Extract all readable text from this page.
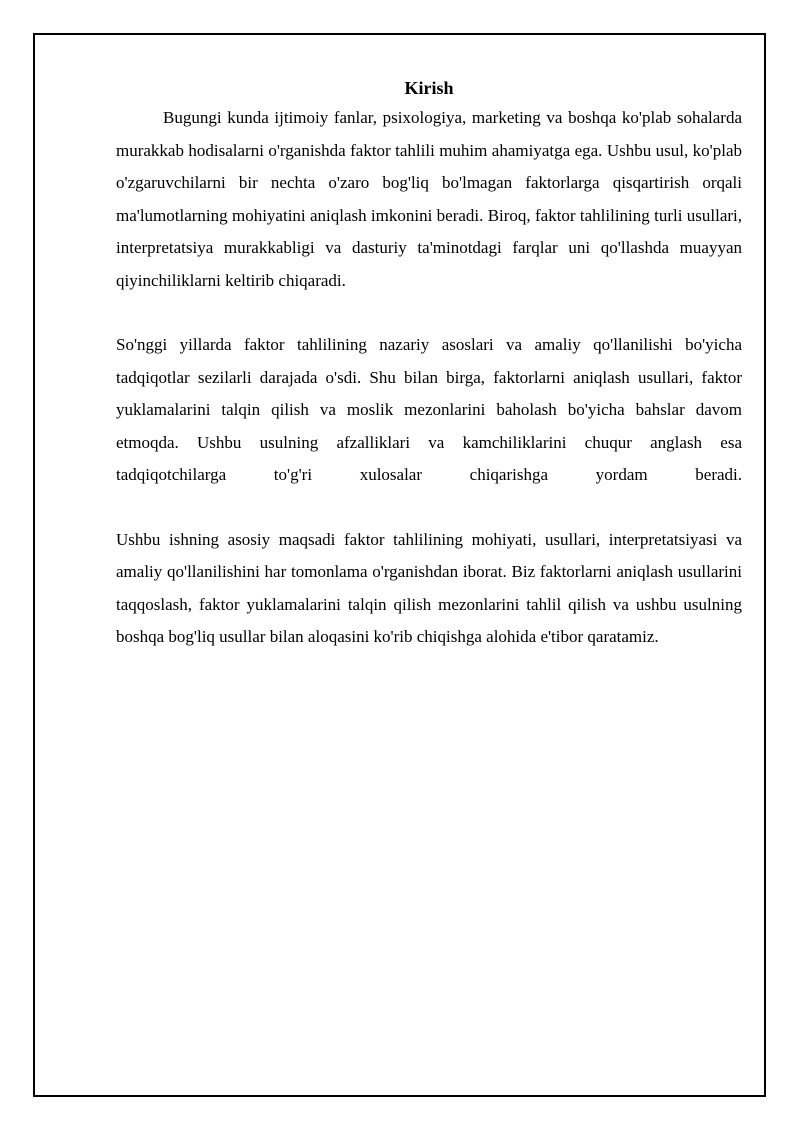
Kirish

Bugungi kunda ijtimoiy fanlar, psixologiya, marketing va boshqa ko'plab sohalarda murakkab hodisalarni o'rganishda faktor tahlili muhim ahamiyatga ega. Ushbu usul, ko'plab o'zgaruvchilarni bir nechta o'zaro bog'liq bo'lmagan faktorlarga qisqartirish orqali ma'lumotlarning mohiyatini aniqlash imkonini beradi. Biroq, faktor tahlilining turli usullari, interpretatsiya murakkabligi va dasturiy ta'minotdagi farqlar uni qo'llashda muayyan qiyinchiliklarni keltirib chiqaradi.

So'nggi yillarda faktor tahlilining nazariy asoslari va amaliy qo'llanilishi bo'yicha tadqiqotlar sezilarli darajada o'sdi. Shu bilan birga, faktorlarni aniqlash usullari, faktor yuklamalarini talqin qilish va moslik mezonlarini baholash bo'yicha bahslar davom etmoqda. Ushbu usulning afzalliklari va kamchiliklarini chuqur anglash esa tadqiqotchilarga to'g'ri xulosalar chiqarishga yordam beradi.

Ushbu ishning asosiy maqsadi faktor tahlilining mohiyati, usullari, interpretatsiyasi va amaliy qo'llanilishini har tomonlama o'rganishdan iborat. Biz faktorlarni aniqlash usullarini taqqoslash, faktor yuklamalarini talqin qilish mezonlarini tahlil qilish va ushbu usulning boshqa bog'liq usullar bilan aloqasini ko'rib chiqishga alohida e'tibor qaratamiz.
